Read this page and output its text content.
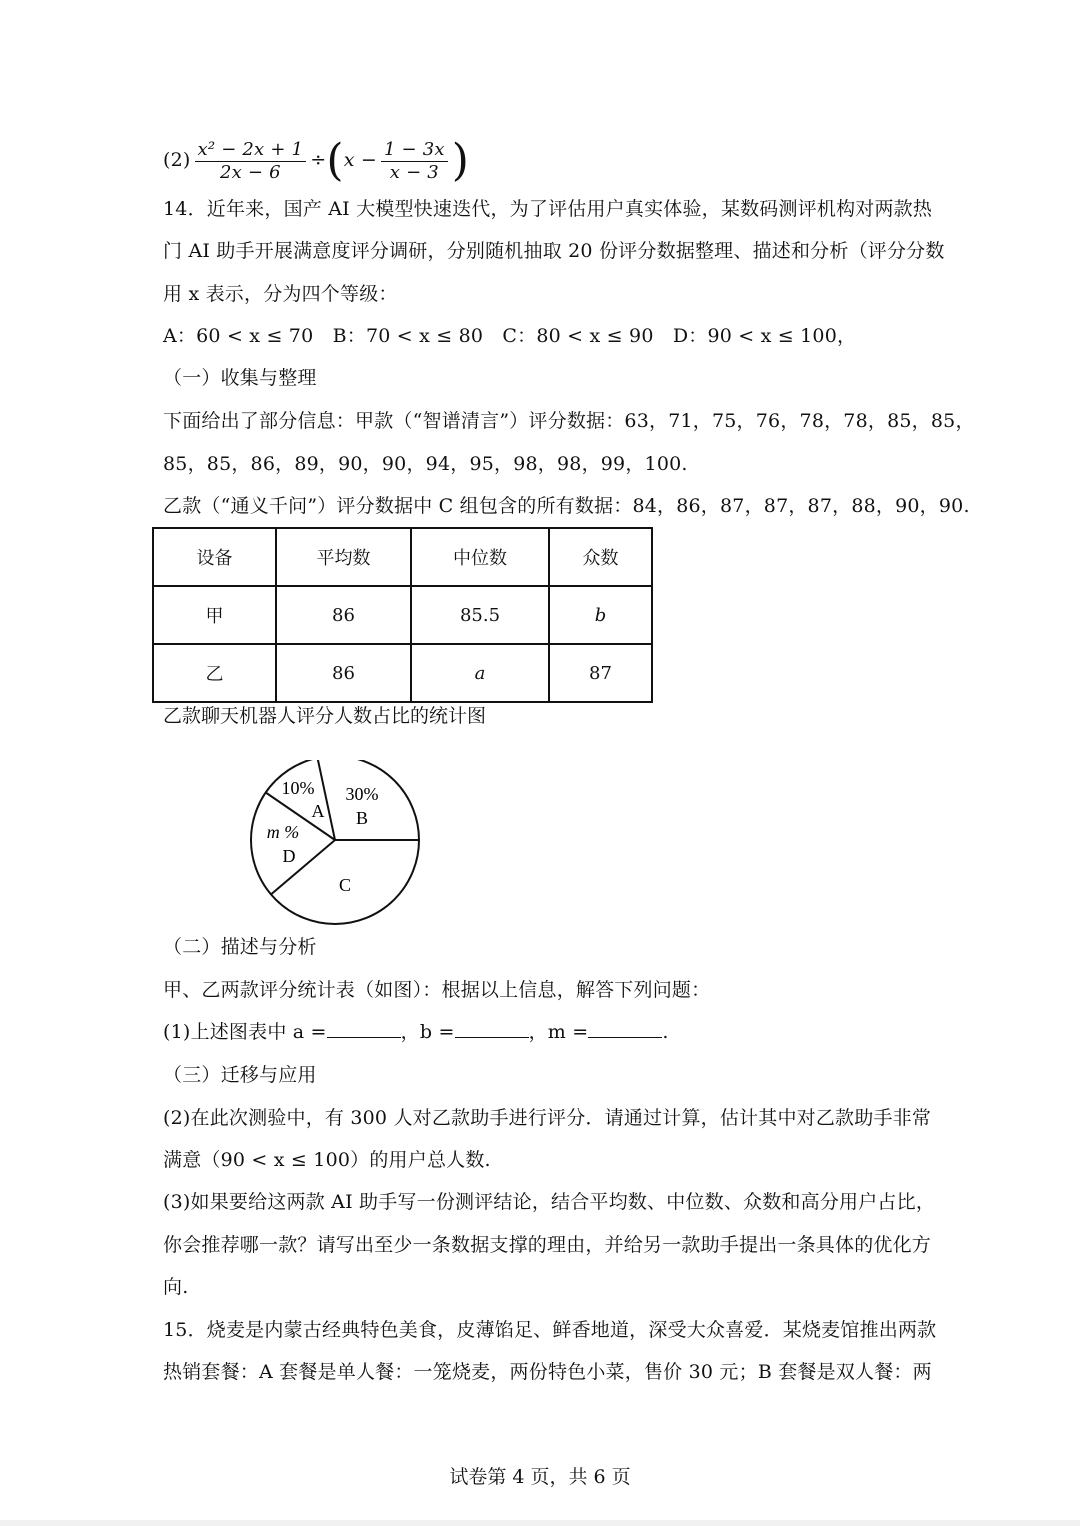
$(2) \frac{\text{x² − 2x + 1}}{2x - 6} \div(x - \frac{1 - 3x}{x - 3}$ )
14．近年来，国产 AI 大模型快速迭代，为了评估用户真实体验，某数码测评机构对两款热
门 AI 助手开展满意度评分调研，分别随机抽取 20 份评分数据整理、描述和分析（评分分数
用 x 表示，分为四个等级：
A：60 < x ≤ 70　B：70 < x ≤ 80　C：80 < x ≤ 90　D：90 < x ≤ 100，
（一）收集与整理
下面给出了部分信息：甲款（“智谱清言”）评分数据：63，71，75，76，78，78，85，85，
85，85，86，89，90，90，94，95，98，98，99，100.
乙款（“通义千问”）评分数据中 C 组包含的所有数据：84，86，87，87，87，88，90，90.
设备	平均数	中位数	众数
甲	86	85.5	b
乙	86	a	87
乙款聊天机器人评分人数占比的统计图
10%
A
30%
B
m %
D
C
（二）描述与分析
甲、乙两款评分统计表（如图）：根据以上信息，解答下列问题：
(1)上述图表中 a =	，b =	，m =	.
（三）迁移与应用
(2)在此次测验中，有 300 人对乙款助手进行评分．请通过计算，估计其中对乙款助手非常
满意（90 < x ≤ 100）的用户总人数.
(3)如果要给这两款 AI 助手写一份测评结论，结合平均数、中位数、众数和高分用户占比，
你会推荐哪一款？请写出至少一条数据支撑的理由，并给另一款助手提出一条具体的优化方
向.
15．烧麦是内蒙古经典特色美食，皮薄馅足、鲜香地道，深受大众喜爱．某烧麦馆推出两款
热销套餐：A 套餐是单人餐：一笼烧麦，两份特色小菜，售价 30 元；B 套餐是双人餐：两
试卷第 4 页，共 6 页
